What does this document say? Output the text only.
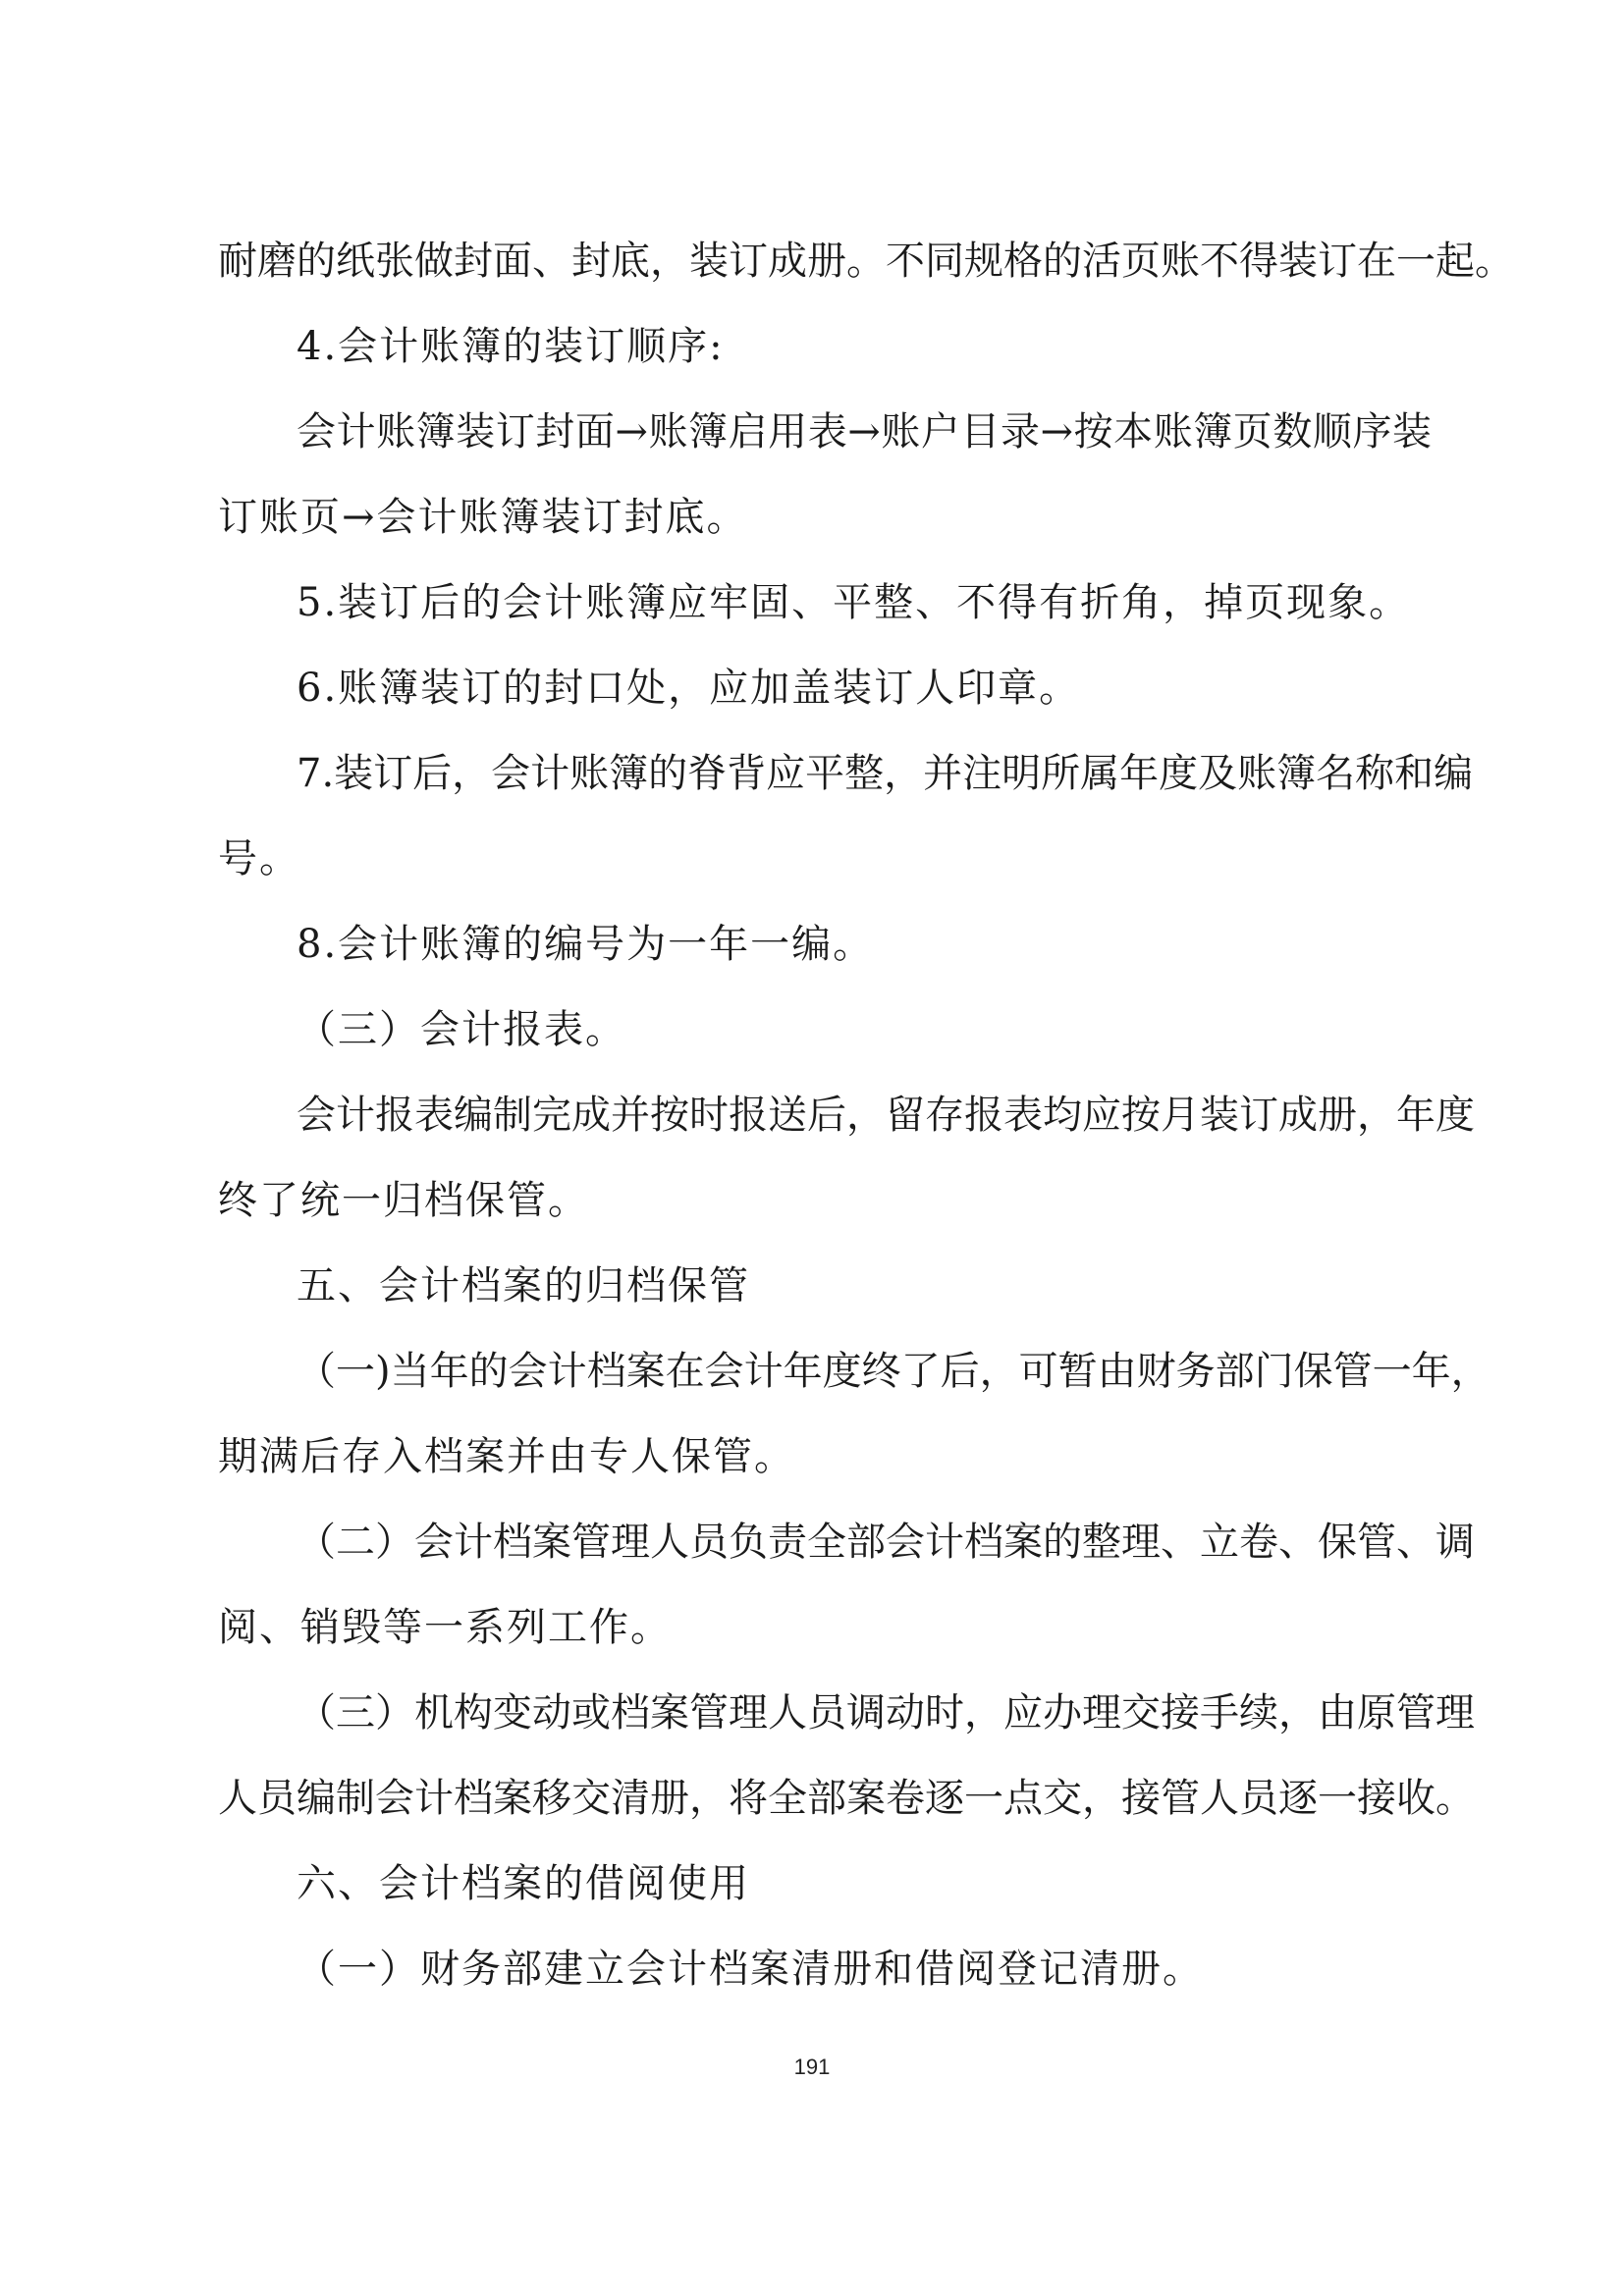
耐磨的纸张做封面、封底，装订成册。不同规格的活页账不得装订在一起。
4.会计账簿的装订顺序:
会计账簿装订封面→账簿启用表→账户目录→按本账簿页数顺序装
订账页→会计账簿装订封底。
5.装订后的会计账簿应牢固、平整、不得有折角，掉页现象。
6.账簿装订的封口处，应加盖装订人印章。
7.装订后，会计账簿的脊背应平整，并注明所属年度及账簿名称和编
号。
8.会计账簿的编号为一年一编。
（三）会计报表。
会计报表编制完成并按时报送后，留存报表均应按月装订成册，年度
终了统一归档保管。
五、会计档案的归档保管
（一)当年的会计档案在会计年度终了后，可暂由财务部门保管一年，
期满后存入档案并由专人保管。
（二）会计档案管理人员负责全部会计档案的整理、立卷、保管、调
阅、销毁等一系列工作。
（三）机构变动或档案管理人员调动时，应办理交接手续，由原管理
人员编制会计档案移交清册，将全部案卷逐一点交，接管人员逐一接收。
六、会计档案的借阅使用
（一）财务部建立会计档案清册和借阅登记清册。
191
